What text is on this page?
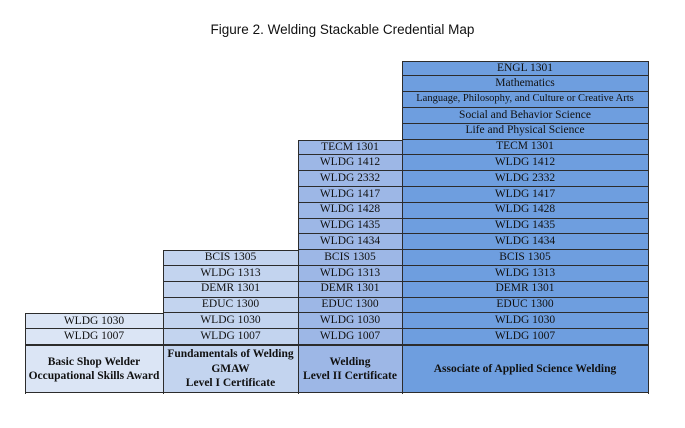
Figure 2. Welding Stackable Credential Map
WLDG 1030
WLDG 1007
Basic Shop Welder
Occupational Skills Award
BCIS 1305
WLDG 1313
DEMR 1301
EDUC 1300
WLDG 1030
WLDG 1007
Fundamentals of Welding
GMAW
Level I Certificate
TECM 1301
WLDG 1412
WLDG 2332
WLDG 1417
WLDG 1428
WLDG 1435
WLDG 1434
BCIS 1305
WLDG 1313
DEMR 1301
EDUC 1300
WLDG 1030
WLDG 1007
Welding
Level II Certificate
ENGL 1301
Mathematics
Language, Philosophy, and Culture or Creative Arts
Social and Behavior Science
Life and Physical Science
TECM 1301
WLDG 1412
WLDG 2332
WLDG 1417
WLDG 1428
WLDG 1435
WLDG 1434
BCIS 1305
WLDG 1313
DEMR 1301
EDUC 1300
WLDG 1030
WLDG 1007
Associate of Applied Science Welding
